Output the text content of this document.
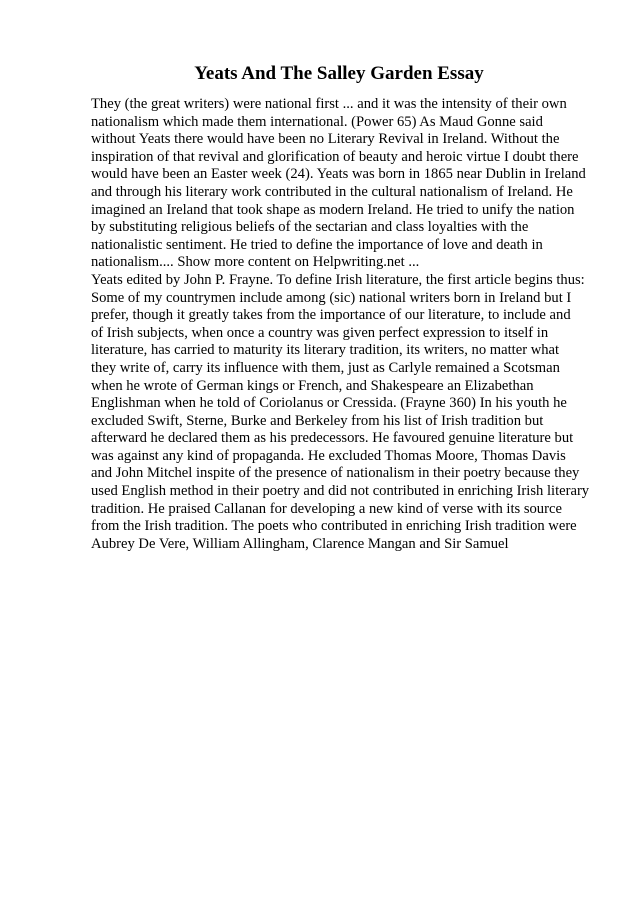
Yeats And The Salley Garden Essay
They (the great writers) were national first ... and it was the intensity of their own
nationalism which made them international. (Power 65) As Maud Gonne said
without Yeats there would have been no Literary Revival in Ireland. Without the
inspiration of that revival and glorification of beauty and heroic virtue I doubt there
would have been an Easter week (24). Yeats was born in 1865 near Dublin in Ireland
and through his literary work contributed in the cultural nationalism of Ireland. He
imagined an Ireland that took shape as modern Ireland. He tried to unify the nation
by substituting religious beliefs of the sectarian and class loyalties with the
nationalistic sentiment. He tried to define the importance of love and death in
nationalism.... Show more content on Helpwriting.net ...
Yeats edited by John P. Frayne. To define Irish literature, the first article begins thus:
Some of my countrymen include among (sic) national writers born in Ireland but I
prefer, though it greatly takes from the importance of our literature, to include and
of Irish subjects, when once a country was given perfect expression to itself in
literature, has carried to maturity its literary tradition, its writers, no matter what
they write of, carry its influence with them, just as Carlyle remained a Scotsman
when he wrote of German kings or French, and Shakespeare an Elizabethan
Englishman when he told of Coriolanus or Cressida. (Frayne 360) In his youth he
excluded Swift, Sterne, Burke and Berkeley from his list of Irish tradition but
afterward he declared them as his predecessors. He favoured genuine literature but
was against any kind of propaganda. He excluded Thomas Moore, Thomas Davis
and John Mitchel inspite of the presence of nationalism in their poetry because they
used English method in their poetry and did not contributed in enriching Irish literary
tradition. He praised Callanan for developing a new kind of verse with its source
from the Irish tradition. The poets who contributed in enriching Irish tradition were
Aubrey De Vere, William Allingham, Clarence Mangan and Sir Samuel
